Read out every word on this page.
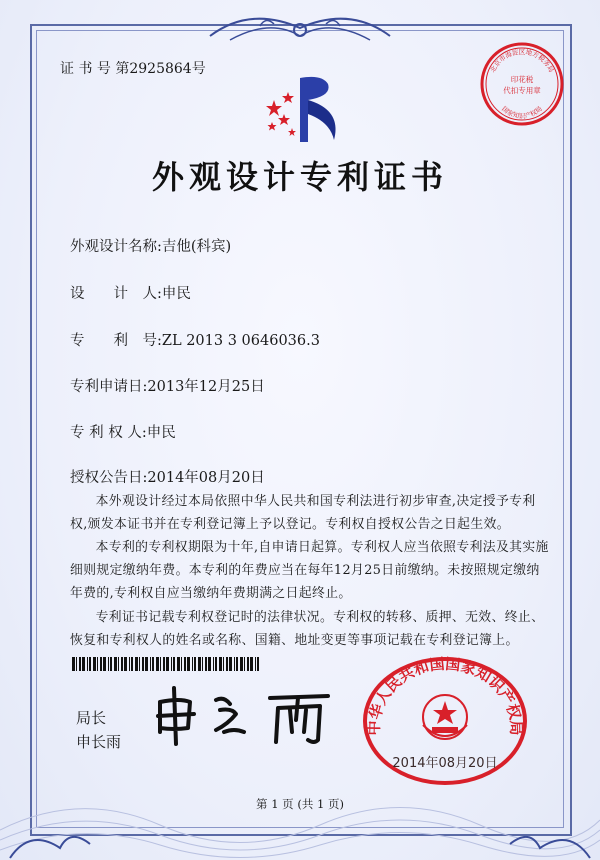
证 书 号 第2925864号
外观设计专利证书
外观设计名称:吉他(科宾)
设　　计　人:申民
专　　利　号:ZL 2013 3 0646036.3
专利申请日:2013年12月25日
专 利 权 人:申民
授权公告日:2014年08月20日
本外观设计经过本局依照中华人民共和国专利法进行初步审查,决定授予专利权,颁发本证书并在专利登记簿上予以登记。专利权自授权公告之日起生效。
本专利的专利权期限为十年,自申请日起算。专利权人应当依照专利法及其实施细则规定缴纳年费。本专利的年费应当在每年12月25日前缴纳。未按照规定缴纳年费的,专利权自应当缴纳年费期满之日起终止。
专利证书记载专利权登记时的法律状况。专利权的转移、质押、无效、终止、恢复和专利权人的姓名或名称、国籍、地址变更等事项记载在专利登记簿上。
局长
申长雨
北京市海淀区地方税务局
印花税
代扣专用章
国家知识产权局
中华人民共和国国家知识产权局
2014年08月20日
第 1 页 (共 1 页)
